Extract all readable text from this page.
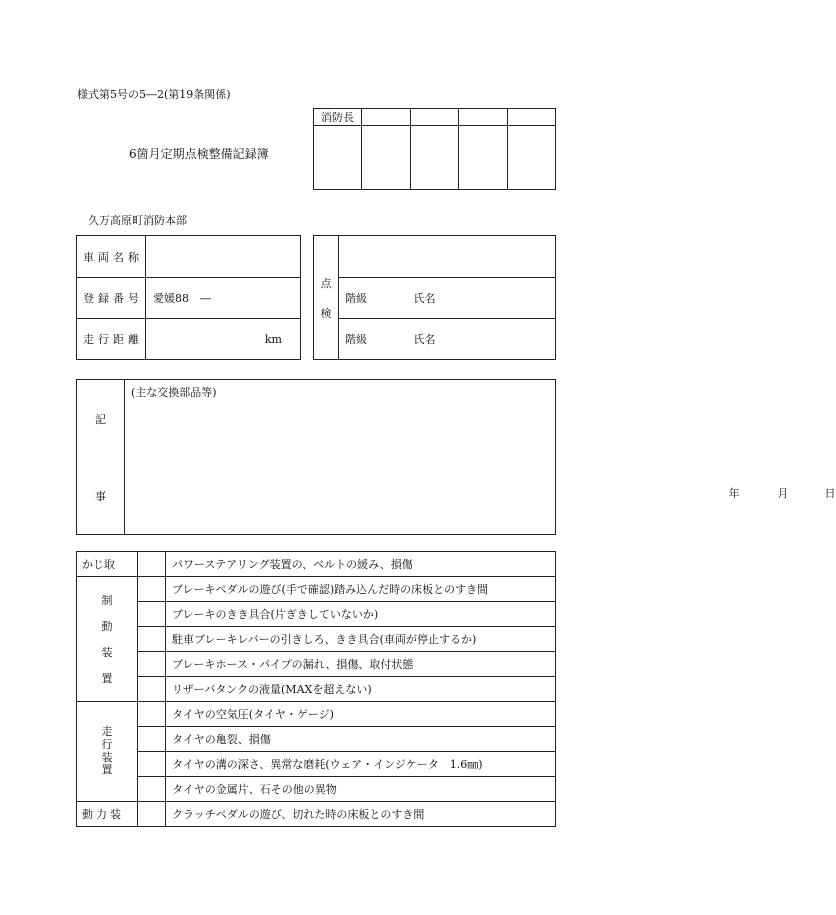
様式第5号の5―2(第19条関係)
6箇月定期点検整備記録簿
消防長				

久万高原町消防本部
車 両 名 称	

登 録 番 号	愛媛88　―

走 行 距 離	km
点
検

年	月	日

階級	氏名
階級	氏名
記
事
	(主な交換部品等)
かじ取		パワーステアリング装置の、ベルトの緩み、損傷

制
動
装
置		ブレーキペダルの遊び(手で確認)踏み込んだ時の床板とのすき間
		ブレーキのきき具合(片ぎきしていないか)
		駐車ブレーキレバーの引きしろ、きき具合(車両が停止するか)
		ブレーキホース・パイプの漏れ、損傷、取付状態
		リザーバタンクの液量(MAXを超えない)

走
行
装
置		タイヤの空気圧(タイヤ・ゲージ)
		タイヤの亀裂、損傷
		タイヤの溝の深さ、異常な磨耗(ウェア・インジケータ　1.6㎜)
		タイヤの金属片、石その他の異物
動力装		クラッチペダルの遊び、切れた時の床板とのすき間
